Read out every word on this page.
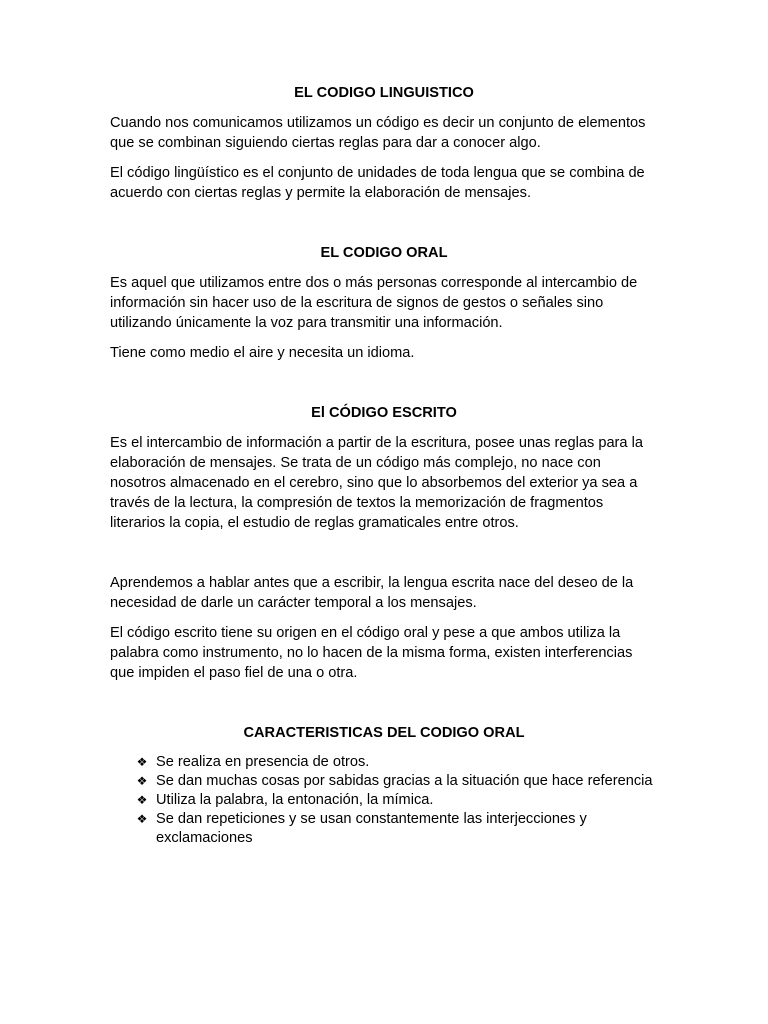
EL CODIGO LINGUISTICO

Cuando nos comunicamos utilizamos un código es decir un conjunto de elementos que se combinan siguiendo ciertas reglas para dar a conocer algo.

El código lingüístico es el conjunto de unidades de toda lengua que se combina de acuerdo con ciertas reglas y permite la elaboración de mensajes.

EL CODIGO ORAL

Es aquel que utilizamos entre dos o más personas corresponde al intercambio de información sin hacer uso de la escritura de signos de gestos o señales sino utilizando únicamente la voz para transmitir una información.

Tiene como medio el aire y necesita un idioma.

El CÓDIGO ESCRITO

Es el intercambio de información a partir de la escritura, posee unas reglas para la elaboración de mensajes. Se trata de un código más complejo, no nace con nosotros almacenado en el cerebro, sino que lo absorbemos del exterior ya sea a través de la lectura, la compresión de textos la memorización de fragmentos literarios la copia, el estudio de reglas gramaticales entre otros.

Aprendemos a hablar antes que a escribir, la lengua escrita nace del deseo de la necesidad de darle un carácter temporal a los mensajes.

El código escrito tiene su origen en el código oral y pese a que ambos utiliza la palabra como instrumento, no lo hacen de la misma forma, existen interferencias que impiden el paso fiel de una o otra.

CARACTERISTICAS DEL CODIGO ORAL
❖ Se realiza en presencia de otros.
❖ Se dan muchas cosas por sabidas gracias a la situación que hace referencia
❖ Utiliza la palabra, la entonación, la mímica.
❖ Se dan repeticiones y se usan constantemente las interjecciones y exclamaciones
